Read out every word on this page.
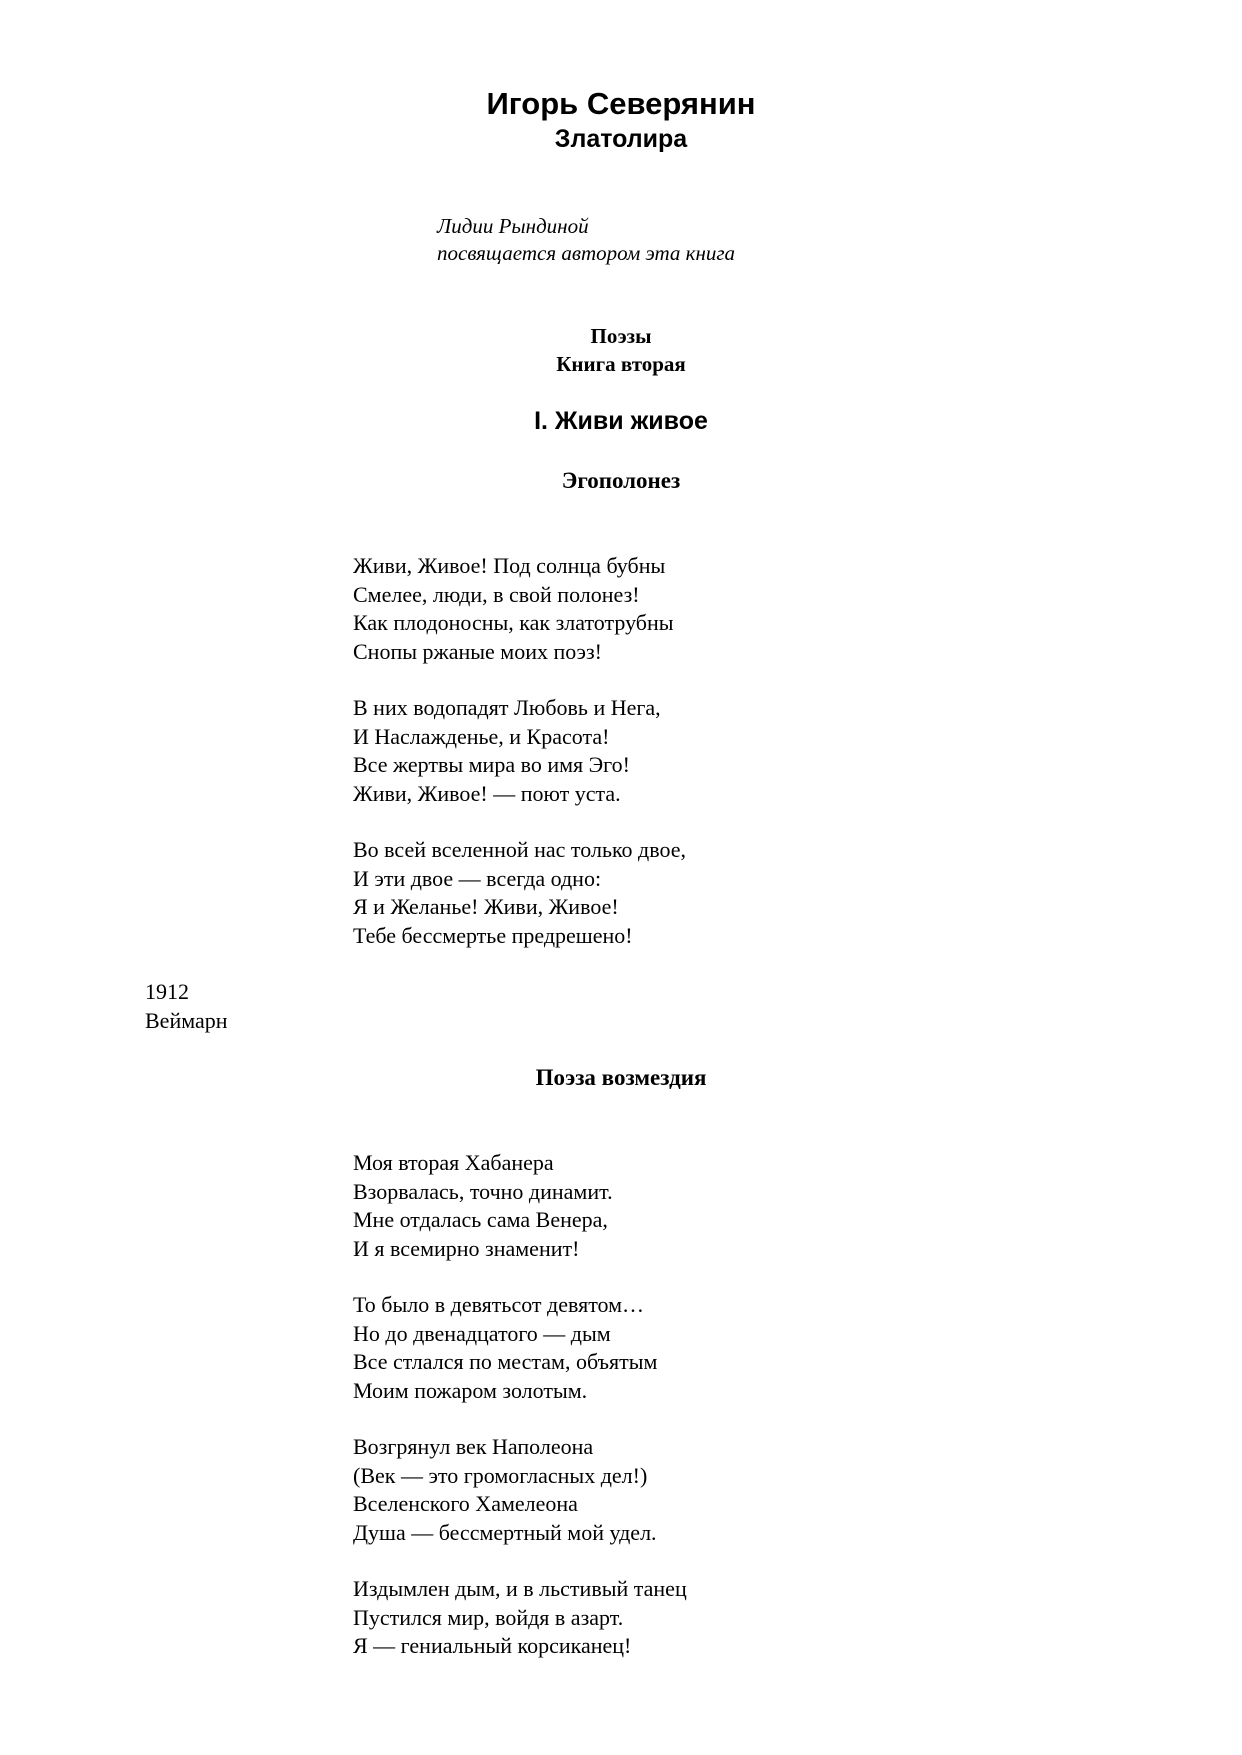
Игорь Северянин
Златолира
Лидии Рындиной
посвящается автором эта книга
Поэзы
Книга вторая
I. Живи живое
Эгополонез
Живи, Живое! Под солнца бубны
Смелее, люди, в свой полонез!
Как плодоносны, как златотрубны
Снопы ржаные моих поэз!
В них водопадят Любовь и Нега,
И Наслажденье, и Красота!
Все жертвы мира во имя Эго!
Живи, Живое! — поют уста.
Во всей вселенной нас только двое,
И эти двое — всегда одно:
Я и Желанье! Живи, Живое!
Тебе бессмертье предрешено!
1912
Веймарн
Поэза возмездия
Моя вторая Хабанера
Взорвалась, точно динамит.
Мне отдалась сама Венера,
И я всемирно знаменит!
То было в девятьсот девятом…
Но до двенадцатого — дым
Все стлался по местам, объятым
Моим пожаром золотым.
Возгрянул век Наполеона
(Век — это громогласных дел!)
Вселенского Хамелеона
Душа — бессмертный мой удел.
Издымлен дым, и в льстивый танец
Пустился мир, войдя в азарт.
Я — гениальный корсиканец!
